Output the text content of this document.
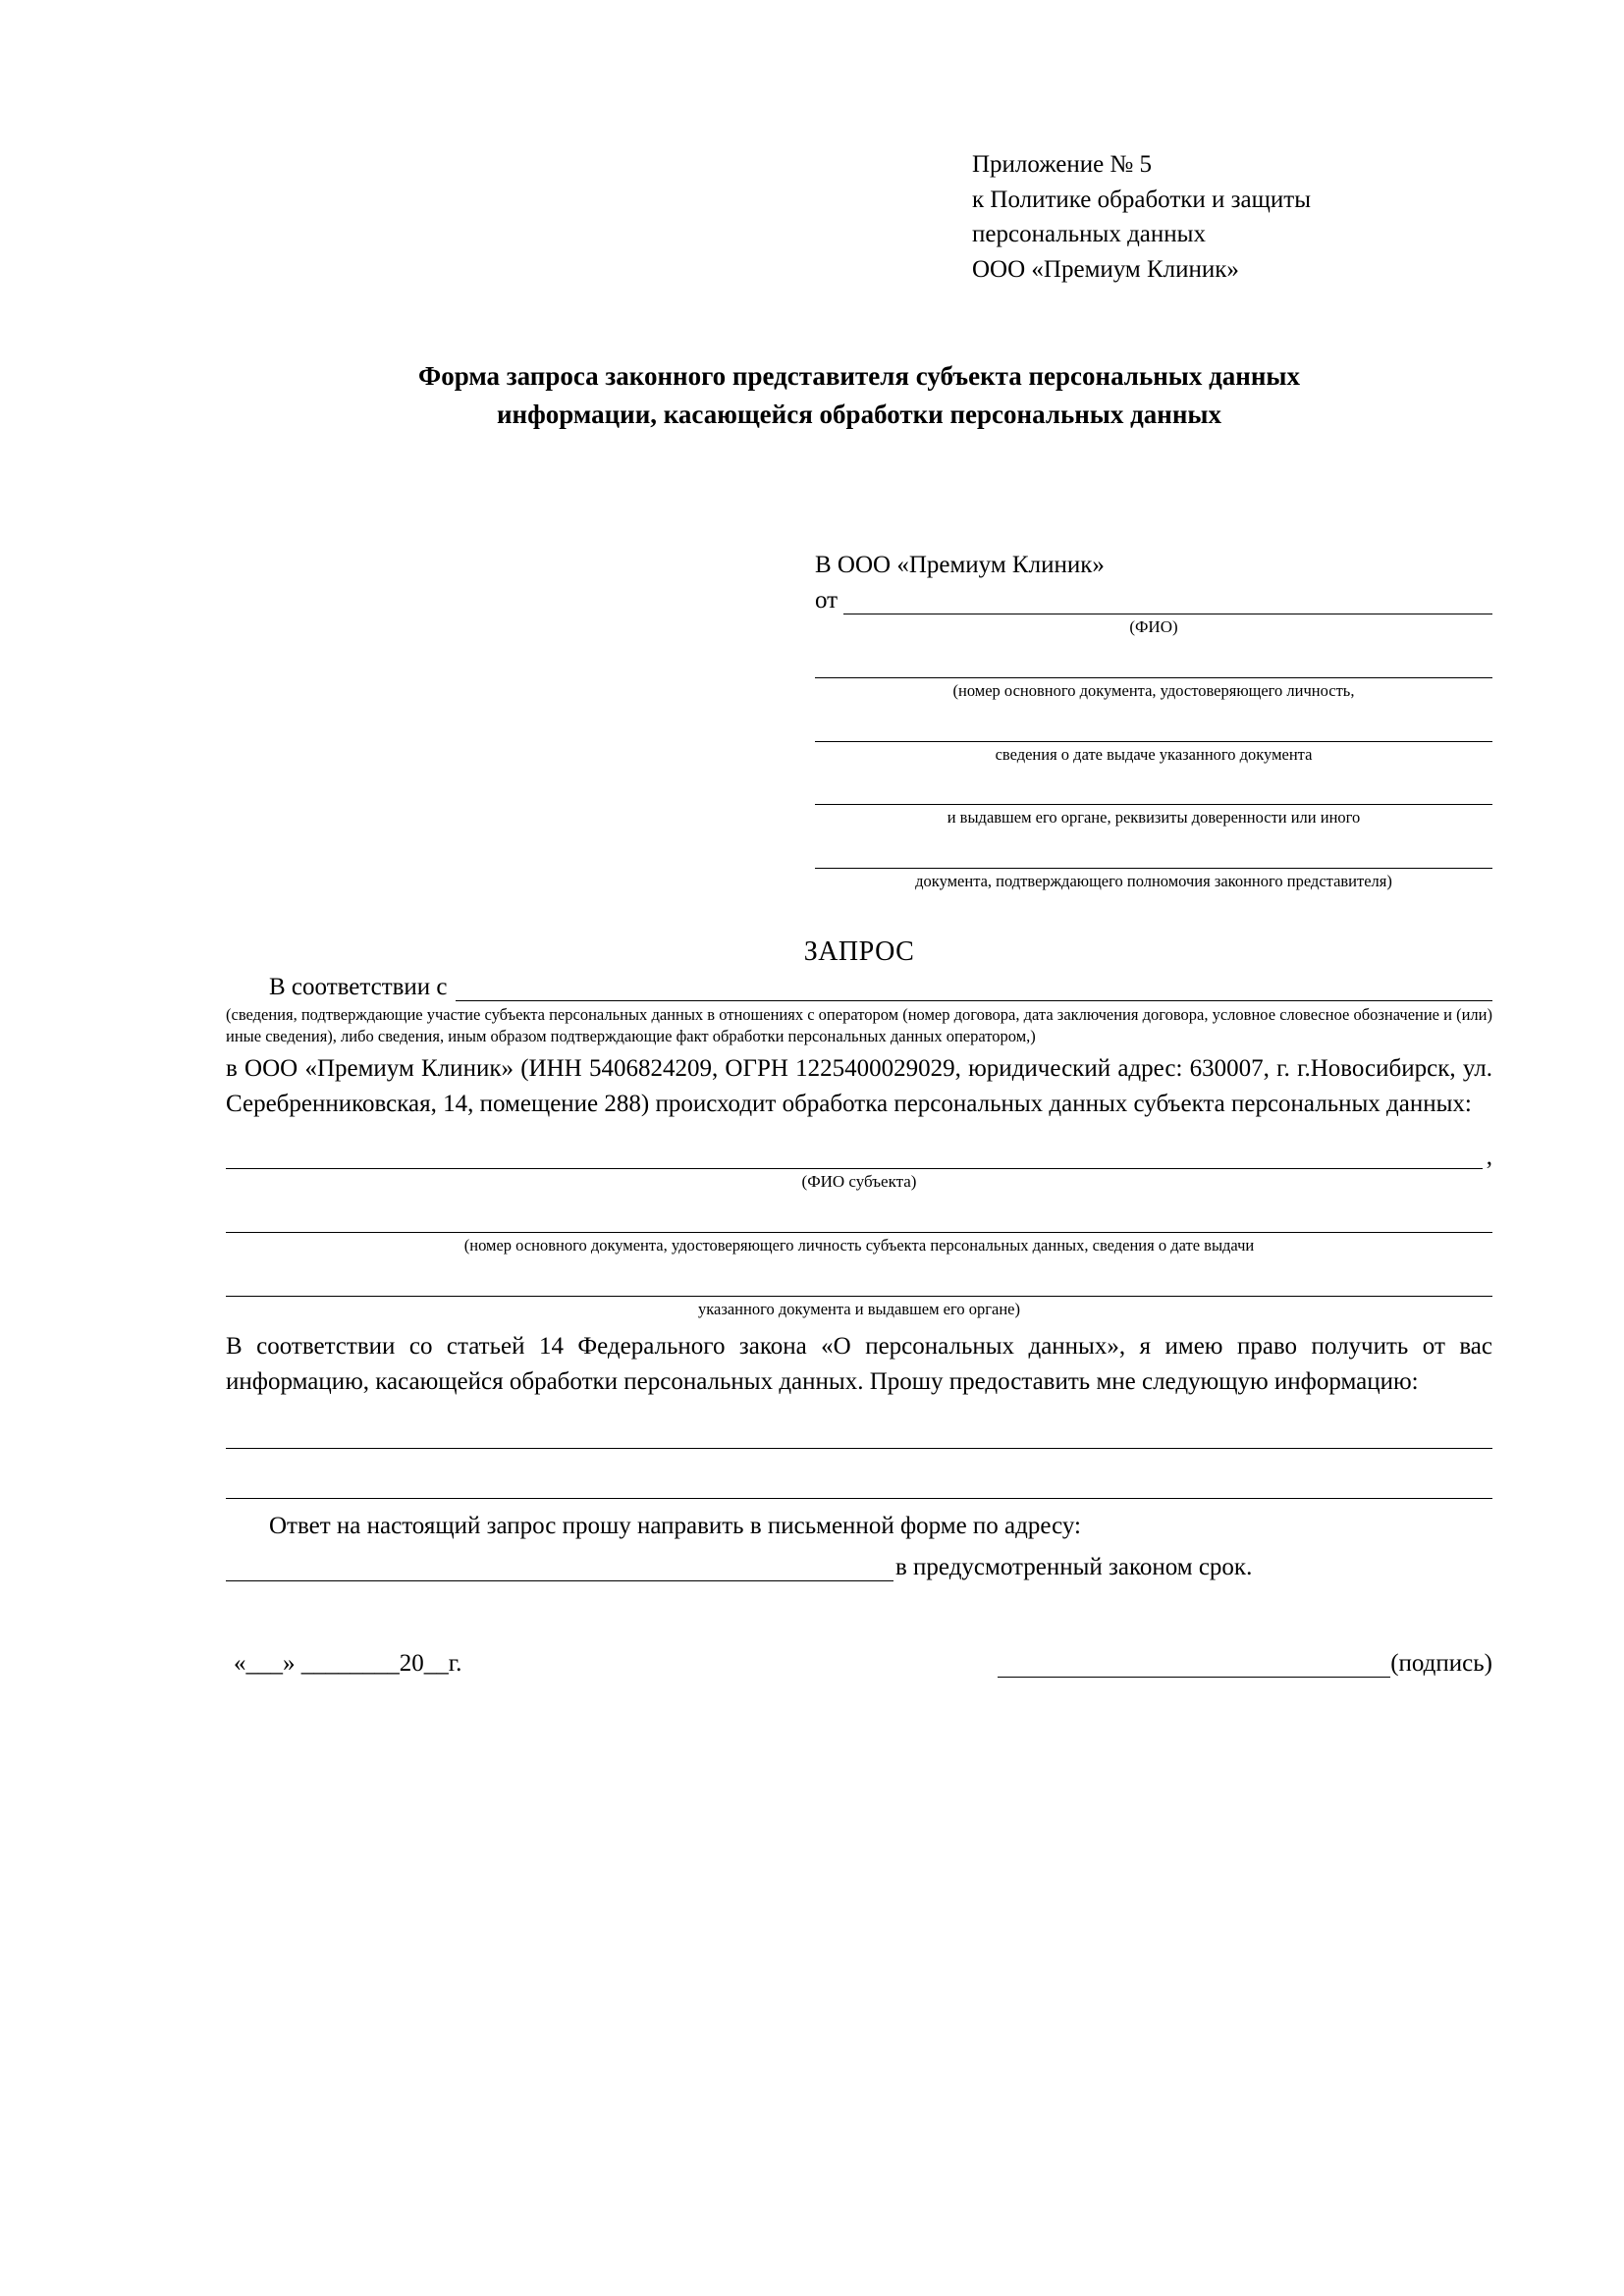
Приложение № 5
к Политике обработки и защиты
персональных данных
ООО «Премиум Клиник»
Форма запроса законного представителя субъекта персональных данных
информации, касающейся обработки персональных данных
В ООО «Премиум Клиник»
от
(ФИО)
(номер основного документа, удостоверяющего личность,
сведения о дате выдаче указанного документа
и выдавшем его органе, реквизиты доверенности или иного
документа, подтверждающего полномочия законного представителя)
ЗАПРОС
В соответствии с
(сведения, подтверждающие участие субъекта персональных данных в отношениях с оператором (номер договора, дата заключения договора, условное словесное обозначение и (или) иные сведения), либо сведения, иным образом подтверждающие факт обработки персональных данных оператором,)
в ООО «Премиум Клиник» (ИНН 5406824209, ОГРН 1225400029029, юридический адрес: 630007, г. г.Новосибирск, ул. Серебренниковская, 14, помещение 288) происходит обработка персональных данных субъекта персональных данных:
,
(ФИО субъекта)
(номер основного документа, удостоверяющего личность субъекта персональных данных, сведения о дате выдачи
указанного документа и выдавшем его органе)
В соответствии со статьей 14 Федерального закона «О персональных данных», я имею право получить от вас информацию, касающейся обработки персональных данных. Прошу предоставить мне следующую информацию:
Ответ на настоящий запрос прошу направить в письменной форме по адресу:
в предусмотренный законом срок.
«___» ________20__г.	(подпись)
